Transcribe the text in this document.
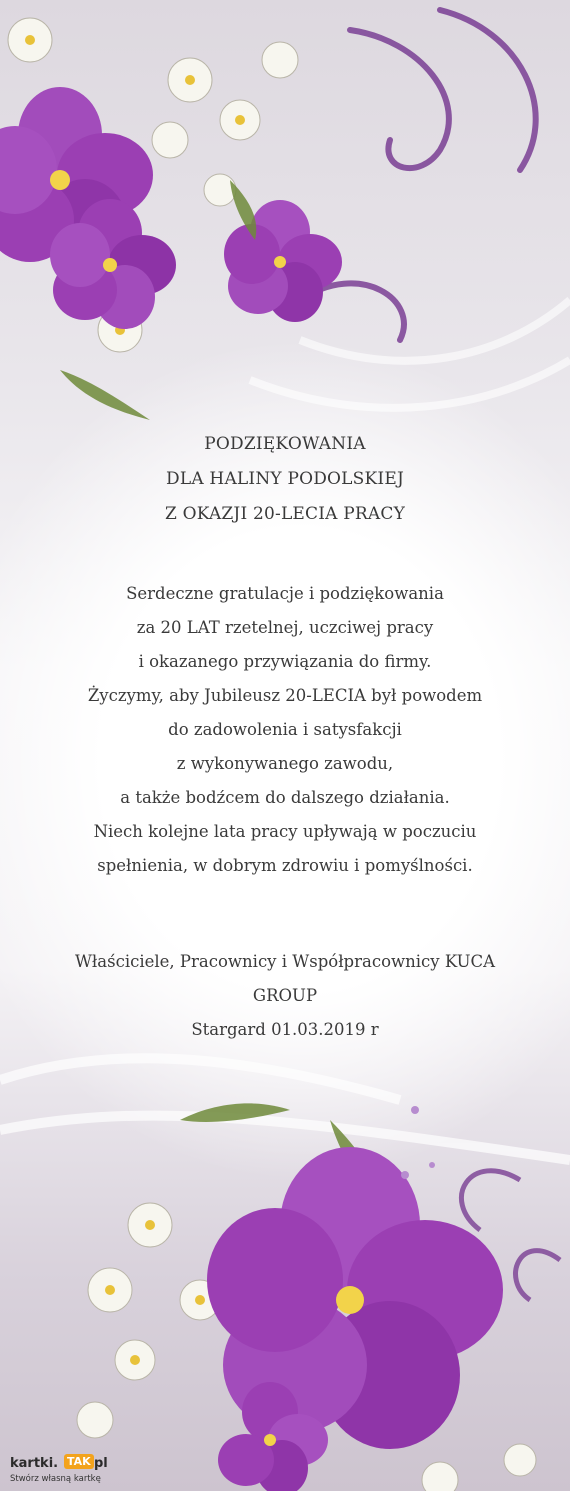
PODZIĘKOWANIA
DLA HALINY PODOLSKIEJ
Z OKAZJI 20-LECIA PRACY
Serdeczne gratulacje i podziękowania
za 20 LAT rzetelnej, uczciwej pracy
i okazanego przywiązania do firmy.
Życzymy, aby Jubileusz 20-LECIA był powodem
do zadowolenia i satysfakcji
z wykonywanego zawodu,
a także bodźcem do dalszego działania.
Niech kolejne lata pracy upływają w poczuciu
spełnienia, w dobrym zdrowiu i pomyślności.
Właściciele, Pracownicy i Współpracownicy KUCA
GROUP
Stargard 01.03.2019 r
kartki. TAK pl
Stwórz własną kartkę
